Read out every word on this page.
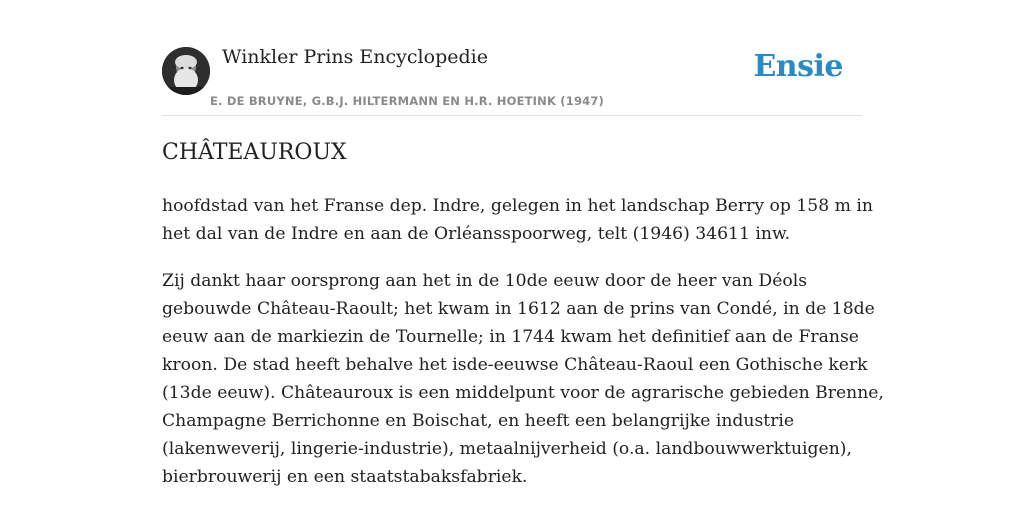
Winkler Prins Encyclopedie
E. DE BRUYNE, G.B.J. HILTERMANN EN H.R. HOETINK (1947)
Ensie
CHÂTEAUROUX

hoofdstad van het Franse dep. Indre, gelegen in het landschap Berry op 158 m in
het dal van de Indre en aan de Orléansspoorweg, telt (1946) 34611 inw.

Zij dankt haar oorsprong aan het in de 10de eeuw door de heer van Déols
gebouwde Château-Raoult; het kwam in 1612 aan de prins van Condé, in de 18de
eeuw aan de markiezin de Tournelle; in 1744 kwam het definitief aan de Franse
kroon. De stad heeft behalve het isde-eeuwse Château-Raoul een Gothische kerk
(13de eeuw). Châteauroux is een middelpunt voor de agrarische gebieden Brenne,
Champagne Berrichonne en Boischat, en heeft een belangrijke industrie
(lakenweverij, lingerie-industrie), metaalnijverheid (o.a. landbouwwerktuigen),
bierbrouwerij en een staatstabaksfabriek.
